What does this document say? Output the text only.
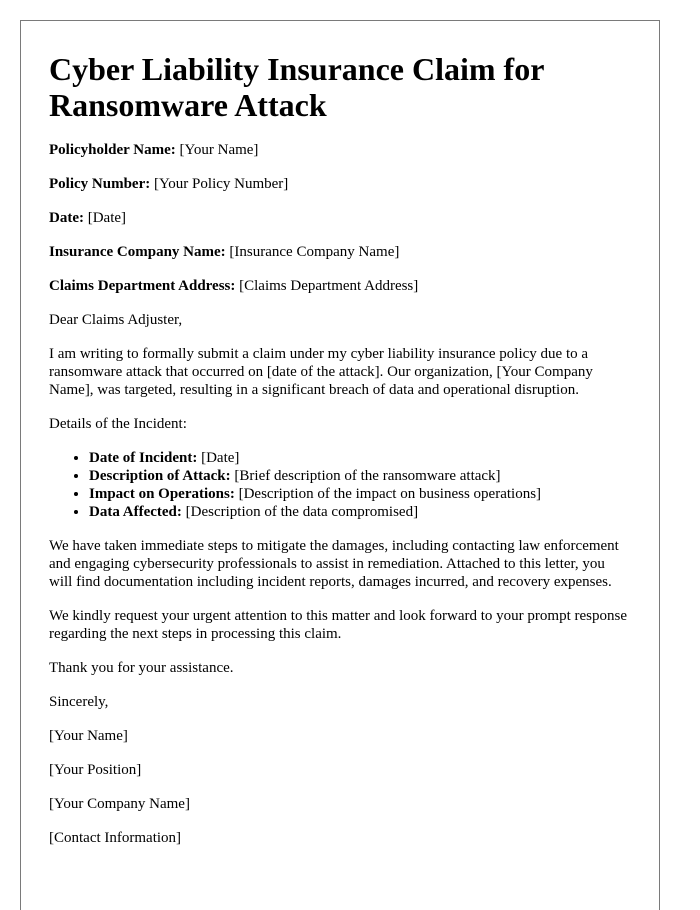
Cyber Liability Insurance Claim for Ransomware Attack

Policyholder Name: [Your Name]

Policy Number: [Your Policy Number]

Date: [Date]

Insurance Company Name: [Insurance Company Name]

Claims Department Address: [Claims Department Address]

Dear Claims Adjuster,

I am writing to formally submit a claim under my cyber liability insurance policy due to a ransomware attack that occurred on [date of the attack]. Our organization, [Your Company Name], was targeted, resulting in a significant breach of data and operational disruption.

Details of the Incident:

• Date of Incident: [Date]
• Description of Attack: [Brief description of the ransomware attack]
• Impact on Operations: [Description of the impact on business operations]
• Data Affected: [Description of the data compromised]

We have taken immediate steps to mitigate the damages, including contacting law enforcement and engaging cybersecurity professionals to assist in remediation. Attached to this letter, you will find documentation including incident reports, damages incurred, and recovery expenses.

We kindly request your urgent attention to this matter and look forward to your prompt response regarding the next steps in processing this claim.

Thank you for your assistance.

Sincerely,

[Your Name]

[Your Position]

[Your Company Name]

[Contact Information]
